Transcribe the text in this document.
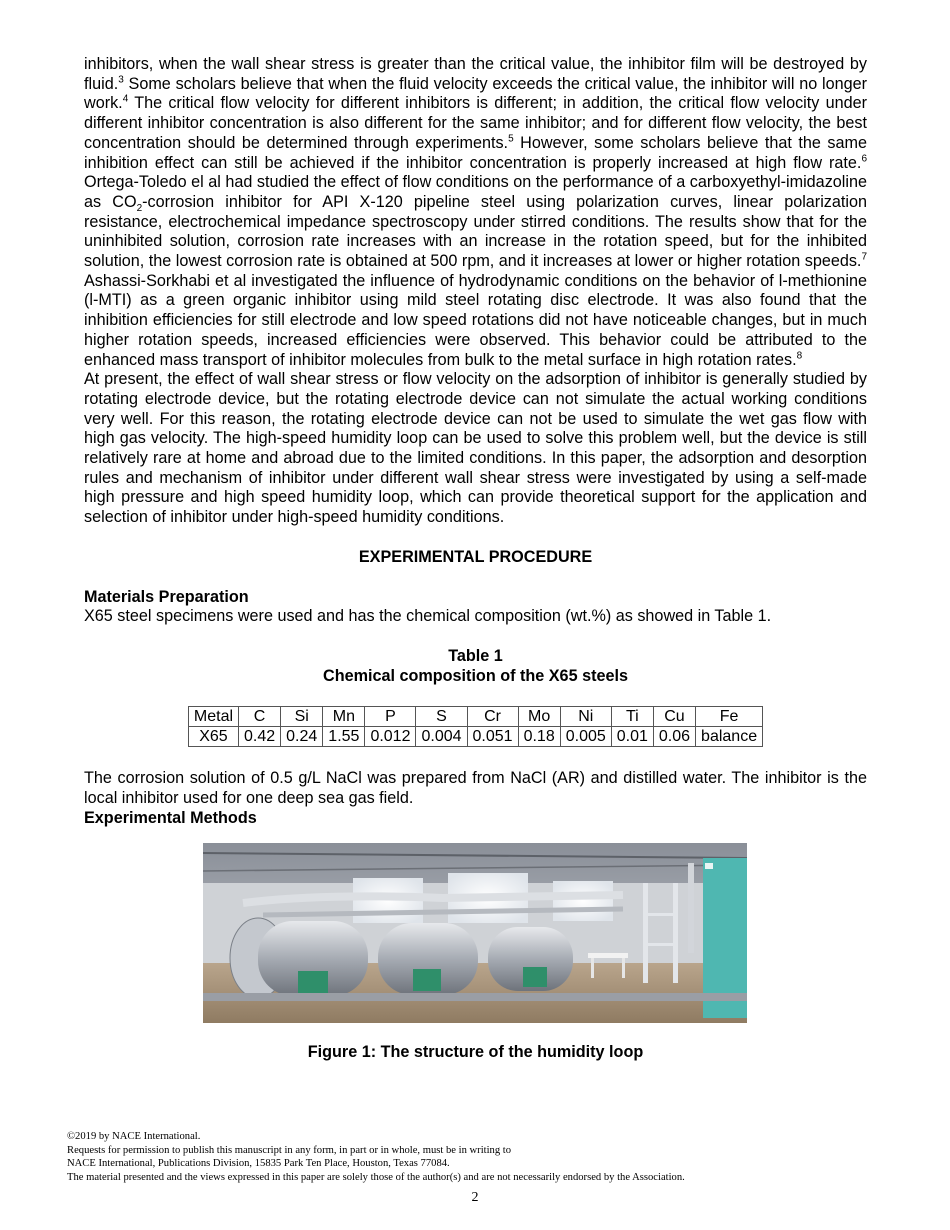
inhibitors, when the wall shear stress is greater than the critical value, the inhibitor film will be destroyed by fluid.$^3$ Some scholars believe that when the fluid velocity exceeds the critical value, the inhibitor will no longer work.$^4$ The critical flow velocity for different inhibitors is different; in addition, the critical flow velocity under different inhibitor concentration is also different for the same inhibitor; and for different flow velocity, the best concentration should be determined through experiments.$^5$ However, some scholars believe that the same inhibition effect can still be achieved if the inhibitor concentration is properly increased at high flow rate.$^6$ Ortega-Toledo el al had studied the effect of flow conditions on the performance of a carboxyethyl-imidazoline as $CO_2$-corrosion inhibitor for API X-120 pipeline steel using polarization curves, linear polarization resistance, electrochemical impedance spectroscopy under stirred conditions. The results show that for the uninhibited solution, corrosion rate increases with an increase in the rotation speed, but for the inhibited solution, the lowest corrosion rate is obtained at 500 rpm, and it increases at lower or higher rotation speeds.$^7$ Ashassi-Sorkhabi et al investigated the influence of hydrodynamic conditions on the behavior of l-methionine (l-MTI) as a green organic inhibitor using mild steel rotating disc electrode. It was also found that the inhibition efficiencies for still electrode and low speed rotations did not have noticeable changes, but in much higher rotation speeds, increased efficiencies were observed. This behavior could be attributed to the enhanced mass transport of inhibitor molecules from bulk to the metal surface in high rotation rates.$^8$

At present, the effect of wall shear stress or flow velocity on the adsorption of inhibitor is generally studied by rotating electrode device, but the rotating electrode device can not simulate the actual working conditions very well. For this reason, the rotating electrode device can not be used to simulate the wet gas flow with high gas velocity. The high-speed humidity loop can be used to solve this problem well, but the device is still relatively rare at home and abroad due to the limited conditions. In this paper, the adsorption and desorption rules and mechanism of inhibitor under different wall shear stress were investigated by using a self-made high pressure and high speed humidity loop, which can provide theoretical support for the application and selection of inhibitor under high-speed humidity conditions.

EXPERIMENTAL PROCEDURE
Materials Preparation

X65 steel specimens were used and has the chemical composition (wt.%) as showed in Table 1.

Table 1
Chemical composition of the X65 steels
Metal	C	Si	Mn	P	S	Cr	Mo	Ni	Ti	Cu	Fe
X65	0.42	0.24	1.55	0.012	0.004	0.051	0.18	0.005	0.01	0.06	balance

The corrosion solution of 0.5 g/L NaCl was prepared from NaCl (AR) and distilled water. The inhibitor is the local inhibitor used for one deep sea gas field.

Experimental Methods
Figure 1: The structure of the humidity loop
©2019 by NACE International.
Requests for permission to publish this manuscript in any form, in part or in whole, must be in writing to
NACE International, Publications Division, 15835 Park Ten Place, Houston, Texas 77084.
The material presented and the views expressed in this paper are solely those of the author(s) and are not necessarily endorsed by the Association.
2
